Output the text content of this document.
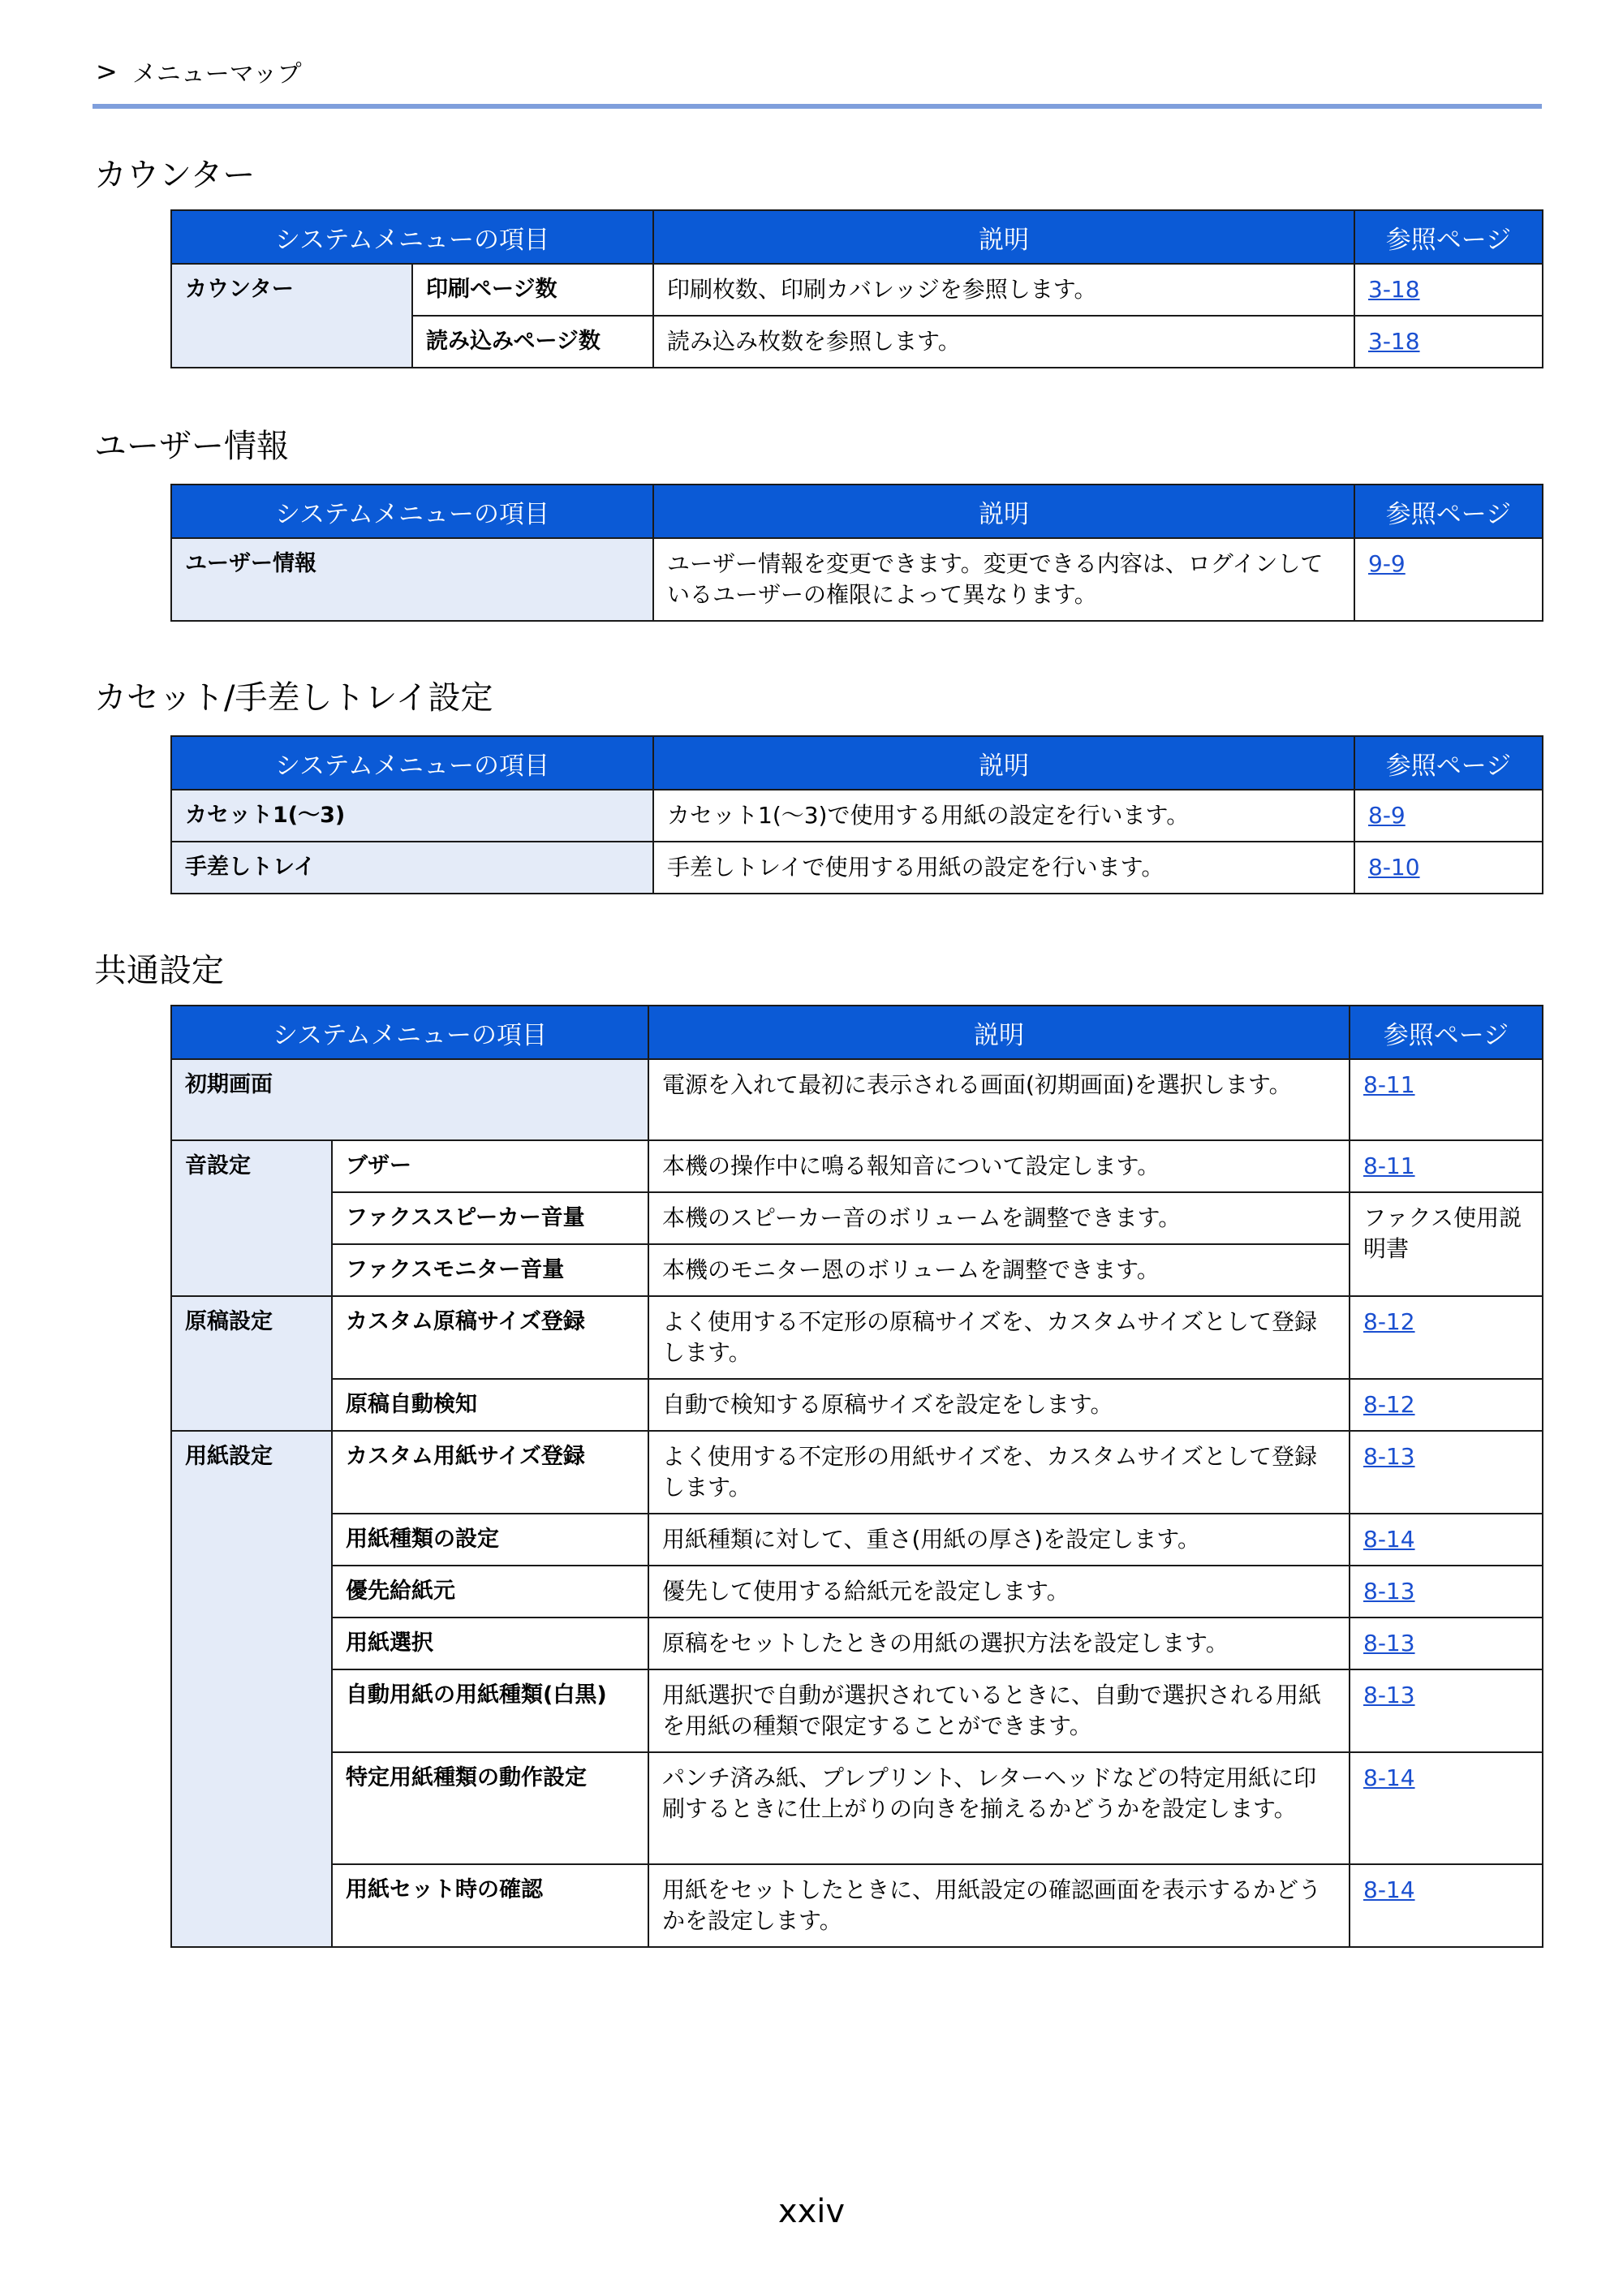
> メニューマップ
カウンター
システムメニューの項目		説明	参照ページ
カウンター	印刷ページ数	印刷枚数、印刷カバレッジを参照します。	3-18
	読み込みページ数	読み込み枚数を参照します。	3-18
ユーザー情報
システムメニューの項目	説明	参照ページ
ユーザー情報	ユーザー情報を変更できます。変更できる内容は、ログインしているユーザーの権限によって異なります。	9-9
カセット/手差しトレイ設定
システムメニューの項目	説明	参照ページ
カセット1(〜3)	カセット1(〜3)で使用する用紙の設定を行います。	8-9
手差しトレイ	手差しトレイで使用する用紙の設定を行います。	8-10
共通設定
システムメニューの項目		説明	参照ページ
初期画面		電源を入れて最初に表示される画面(初期画面)を選択します。	8-11
音設定	ブザー	本機の操作中に鳴る報知音について設定します。	8-11
	ファクススピーカー音量	本機のスピーカー音のボリュームを調整できます。	ファクス使用説明書
	ファクスモニター音量	本機のモニター恩のボリュームを調整できます。	
原稿設定	カスタム原稿サイズ登録	よく使用する不定形の原稿サイズを、カスタムサイズとして登録します。	8-12
	原稿自動検知	自動で検知する原稿サイズを設定をします。	8-12
用紙設定	カスタム用紙サイズ登録	よく使用する不定形の用紙サイズを、カスタムサイズとして登録します。	8-13
	用紙種類の設定	用紙種類に対して、重さ(用紙の厚さ)を設定します。	8-14
	優先給紙元	優先して使用する給紙元を設定します。	8-13
	用紙選択	原稿をセットしたときの用紙の選択方法を設定します。	8-13
	自動用紙の用紙種類(白黒)	用紙選択で自動が選択されているときに、自動で選択される用紙を用紙の種類で限定することができます。	8-13
	特定用紙種類の動作設定	パンチ済み紙、プレプリント、レターヘッドなどの特定用紙に印刷するときに仕上がりの向きを揃えるかどうかを設定します。	8-14
	用紙セット時の確認	用紙をセットしたときに、用紙設定の確認画面を表示するかどうかを設定します。	8-14
xxiv
